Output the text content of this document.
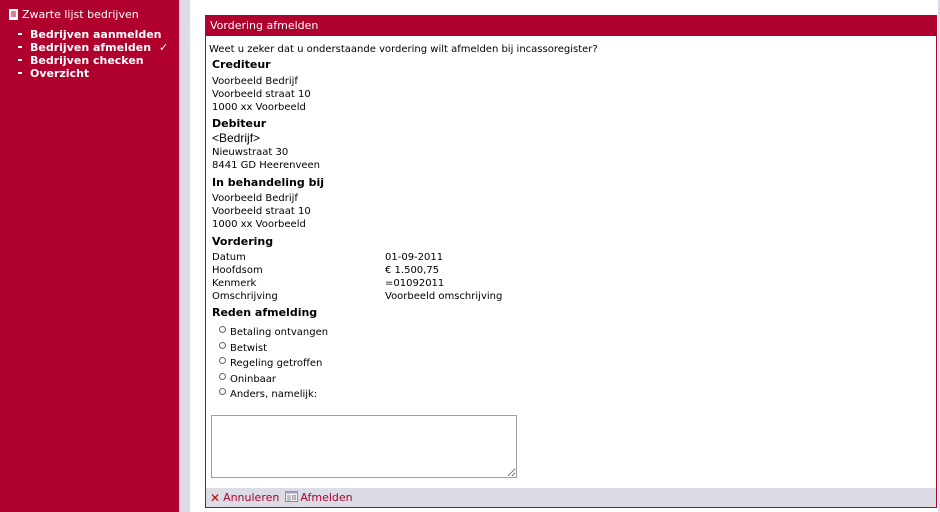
Zwarte lijst bedrijven
Bedrijven aanmelden
Bedrijven afmelden ✓
Bedrijven checken
Overzicht
Vordering afmelden
Weet u zeker dat u onderstaande vordering wilt afmelden bij incassoregister?
Crediteur
Voorbeeld Bedrijf
Voorbeeld straat 10
1000 xx Voorbeeld
Debiteur
<Bedrijf>
Nieuwstraat 30
8441 GD Heerenveen
In behandeling bij
Voorbeeld Bedrijf
Voorbeeld straat 10
1000 xx Voorbeeld
Vordering
Datum	01-09-2011
Hoofdsom	€ 1.500,75
Kenmerk	=01092011
Omschrijving	Voorbeeld omschrijving
Reden afmelding
Betaling ontvangen
Betwist
Regeling getroffen
Oninbaar
Anders, namelijk:
✕ Annuleren Afmelden
